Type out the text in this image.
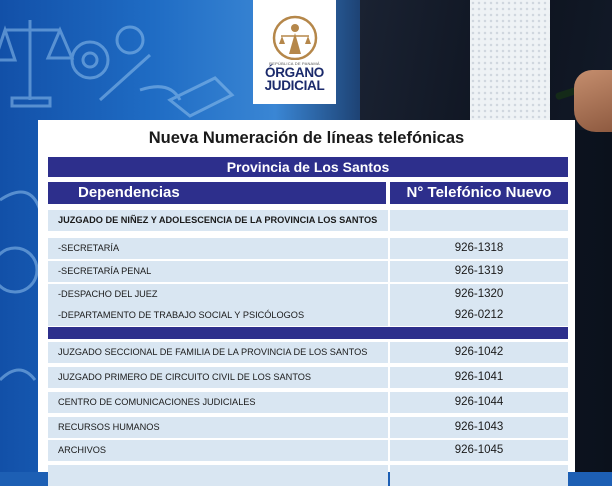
REPÚBLICA DE PANAMÁ
ÓRGANO
JUDICIAL
Nueva Numeración de líneas telefónicas
Provincia de Los Santos
Dependencias	N° Telefónico Nuevo
JUZGADO DE NIÑEZ Y ADOLESCENCIA DE LA PROVINCIA LOS SANTOS
-SECRETARÍA	926-1318
-SECRETARÍA PENAL	926-1319
-DESPACHO DEL JUEZ	926-1320
-DEPARTAMENTO DE TRABAJO SOCIAL Y PSICÓLOGOS	926-0212
JUZGADO SECCIONAL DE FAMILIA DE LA PROVINCIA DE LOS SANTOS	926-1042
JUZGADO PRIMERO DE CIRCUITO CIVIL DE LOS SANTOS	926-1041
CENTRO DE COMUNICACIONES JUDICIALES	926-1044
RECURSOS HUMANOS	926-1043
ARCHIVOS	926-1045
